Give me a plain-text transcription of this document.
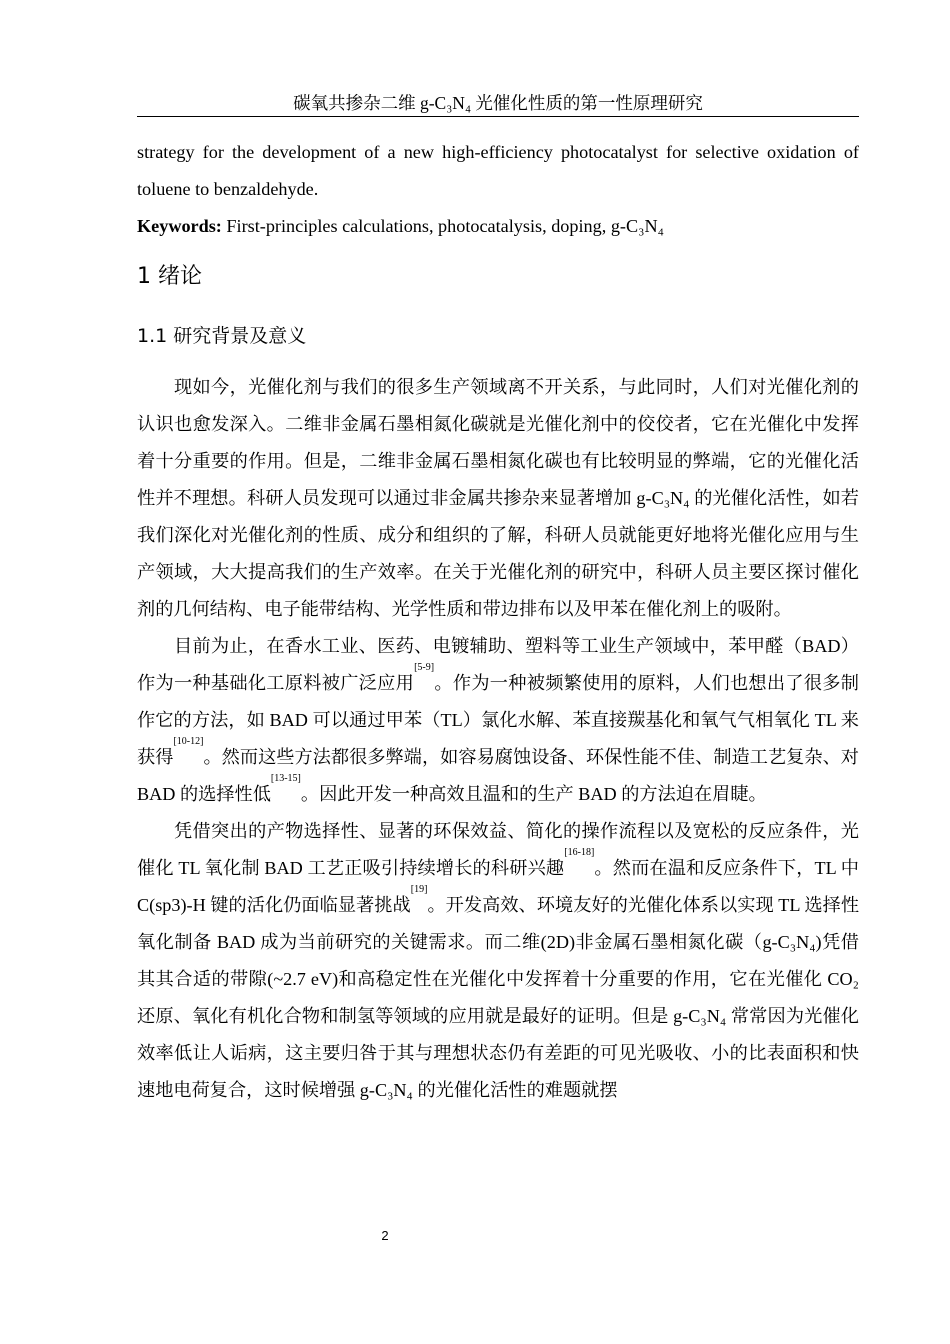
碳氧共掺杂二维 g-C₃N₄ 光催化性质的第一性原理研究

strategy for the development of a new high-efficiency photocatalyst for selective oxidation of toluene to benzaldehyde.

Keywords: First-principles calculations, photocatalysis, doping, g-C₃N₄

1 绪论
1.1 研究背景及意义

现如今，光催化剂与我们的很多生产领域离不开关系，与此同时，人们对光催化剂的认识也愈发深入。二维非金属石墨相氮化碳就是光催化剂中的佼佼者，它在光催化中发挥着十分重要的作用。但是，二维非金属石墨相氮化碳也有比较明显的弊端，它的光催化活性并不理想。科研人员发现可以通过非金属共掺杂来显著增加 g-C₃N₄ 的光催化活性，如若我们深化对光催化剂的性质、成分和组织的了解，科研人员就能更好地将光催化应用与生产领域，大大提高我们的生产效率。在关于光催化剂的研究中，科研人员主要区探讨催化剂的几何结构、电子能带结构、光学性质和带边排布以及甲苯在催化剂上的吸附。

目前为止，在香水工业、医药、电镀辅助、塑料等工业生产领域中，苯甲醛（BAD）作为一种基础化工原料被广泛应用[5-9]。作为一种被频繁使用的原料，人们也想出了很多制作它的方法，如 BAD 可以通过甲苯（TL）氯化水解、苯直接羰基化和氧气气相氧化 TL 来获得[10-12]。然而这些方法都很多弊端，如容易腐蚀设备、环保性能不佳、制造工艺复杂、对 BAD 的选择性低[13-15]。因此开发一种高效且温和的生产 BAD 的方法迫在眉睫。

凭借突出的产物选择性、显著的环保效益、简化的操作流程以及宽松的反应条件，光催化 TL 氧化制 BAD 工艺正吸引持续增长的科研兴趣[16-18]。然而在温和反应条件下，TL 中 C(sp3)-H 键的活化仍面临显著挑战[19]。开发高效、环境友好的光催化体系以实现 TL 选择性氧化制备 BAD 成为当前研究的关键需求。而二维(2D)非金属石墨相氮化碳（g-C₃N₄)凭借其其合适的带隙(~2.7 eV)和高稳定性在光催化中发挥着十分重要的作用，它在光催化 CO₂ 还原、氧化有机化合物和制氢等领域的应用就是最好的证明。但是 g-C₃N₄ 常常因为光催化效率低让人诟病，这主要归咎于其与理想状态仍有差距的可见光吸收、小的比表面积和快速地电荷复合，这时候增强 g-C₃N₄ 的光催化活性的难题就摆

2
